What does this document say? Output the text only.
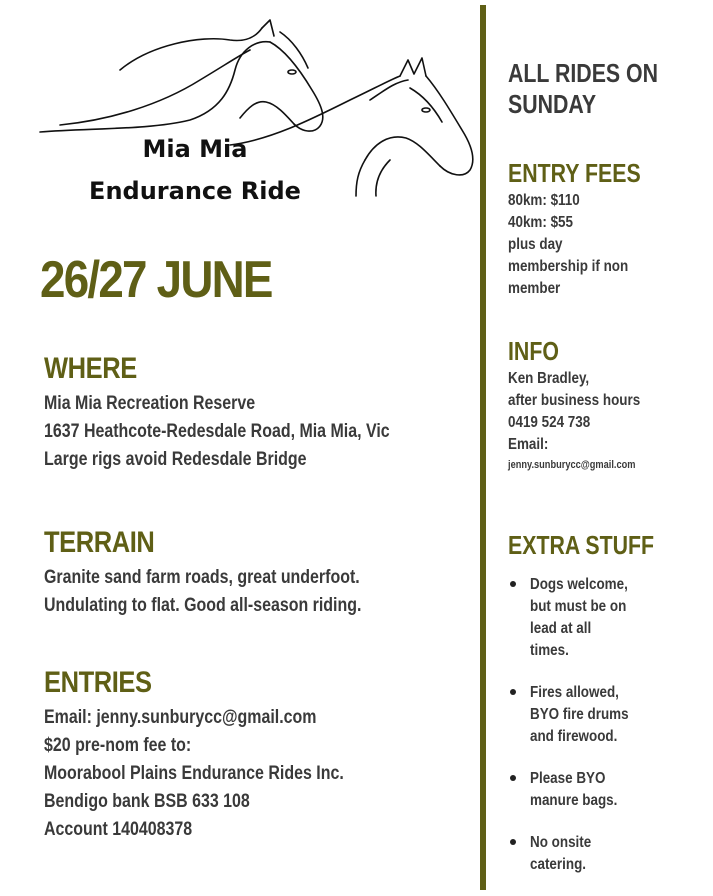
Mia Mia
Endurance Ride
26/27 JUNE
WHERE
Mia Mia Recreation Reserve
1637 Heathcote-Redesdale Road, Mia Mia, Vic
Large rigs avoid Redesdale Bridge
TERRAIN
Granite sand farm roads, great underfoot.
Undulating to flat. Good all-season riding.
ENTRIES
Email: jenny.sunburycc@gmail.com
$20 pre-nom fee to:
Moorabool Plains Endurance Rides Inc.
Bendigo bank BSB 633 108
Account 140408378
ALL RIDES ON
SUNDAY
ENTRY FEES
80km: $110
40km: $55
plus day
membership if non
member
INFO
Ken Bradley,
after business hours
0419 524 738
Email:
jenny.sunburycc@gmail.com
EXTRA STUFF
Dogs welcome, but must be on lead at all times.
Fires allowed, BYO fire drums and firewood.
Please BYO manure bags.
No onsite catering.
